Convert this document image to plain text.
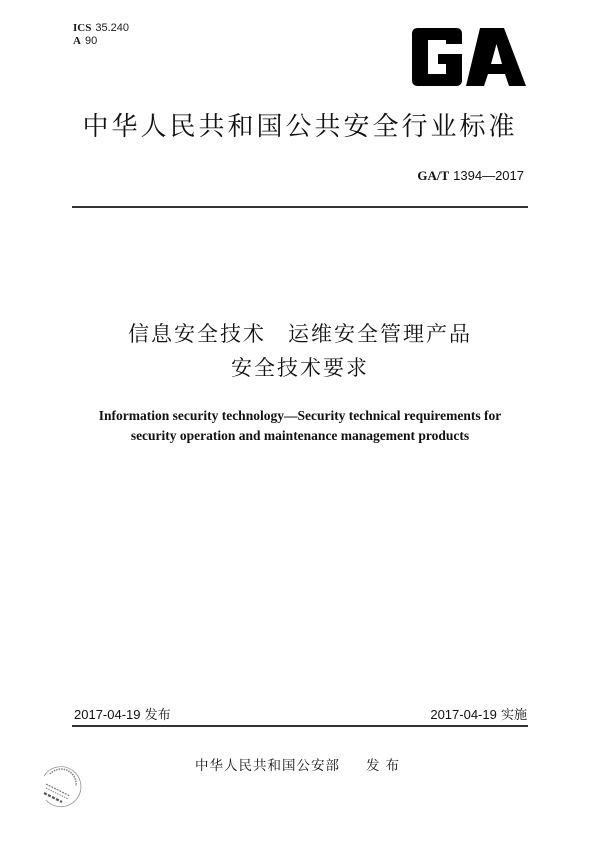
ICS 35.240
A 90
中华人民共和国公共安全行业标准
GA/T 1394—2017
信息安全技术 运维安全管理产品
安全技术要求
Information security technology—Security technical requirements for
security operation and maintenance management products
2017-04-19 发布	2017-04-19 实施
中华人民共和国公安部 发布
